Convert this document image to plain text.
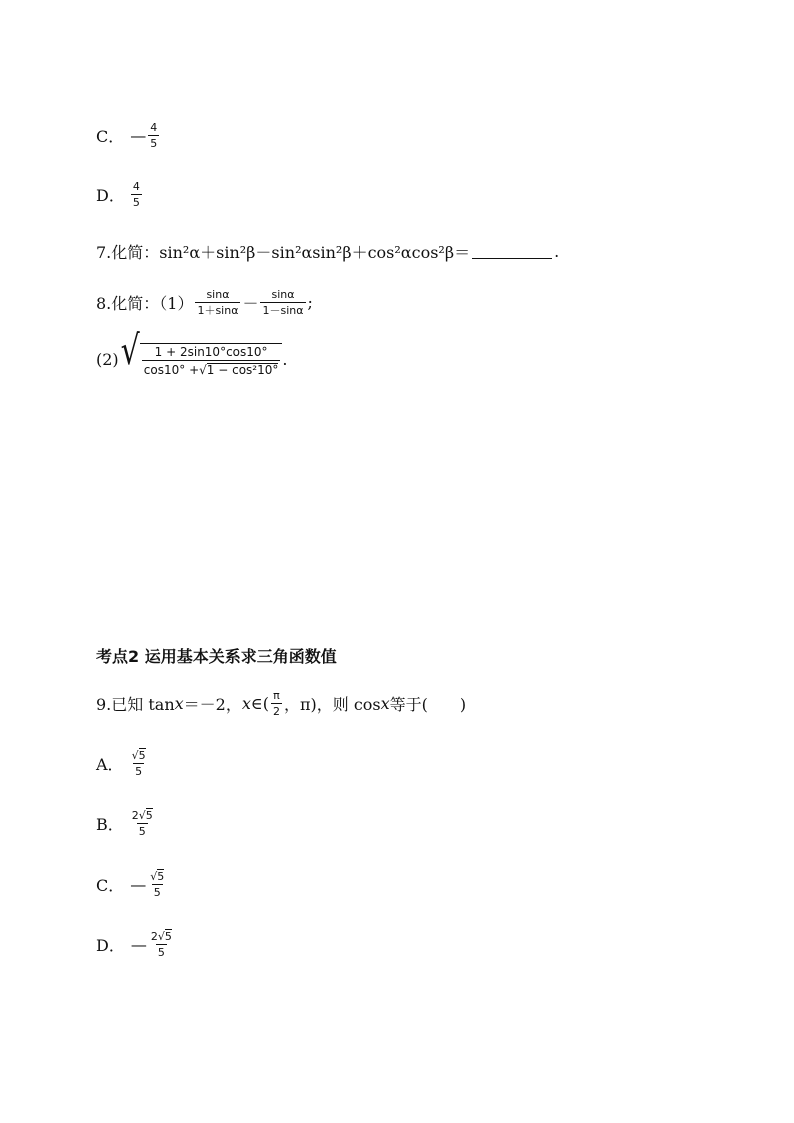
C． — $\frac{4}{5}$
D． $\frac{4}{5}$
7.化简： sin²α＋sin²β－sin²αsin²β＋cos²αcos²β＝	.
8.化简：$(1) \frac{\sin\alpha}{1+\sin\alpha} - \frac{\sin\alpha}{1-\sin\alpha}$ ;
(2) √ $\frac{1 + 2\sin 10^\circ\cos 10^\circ}{\text{cos10° + √ 1 − cos²10°}}$ .
考点2 运用基本关系求三角函数值
9.已知 tan x ＝－2， x ∈( $\frac{\pi}{2}$ ，π)，则 cos x 等于(　　)
A． $\frac{√5}{5}$
B． $\frac{2√5}{5}$
C． — $\frac{√5}{5}$
D． — $\frac{2√5}{5}$
